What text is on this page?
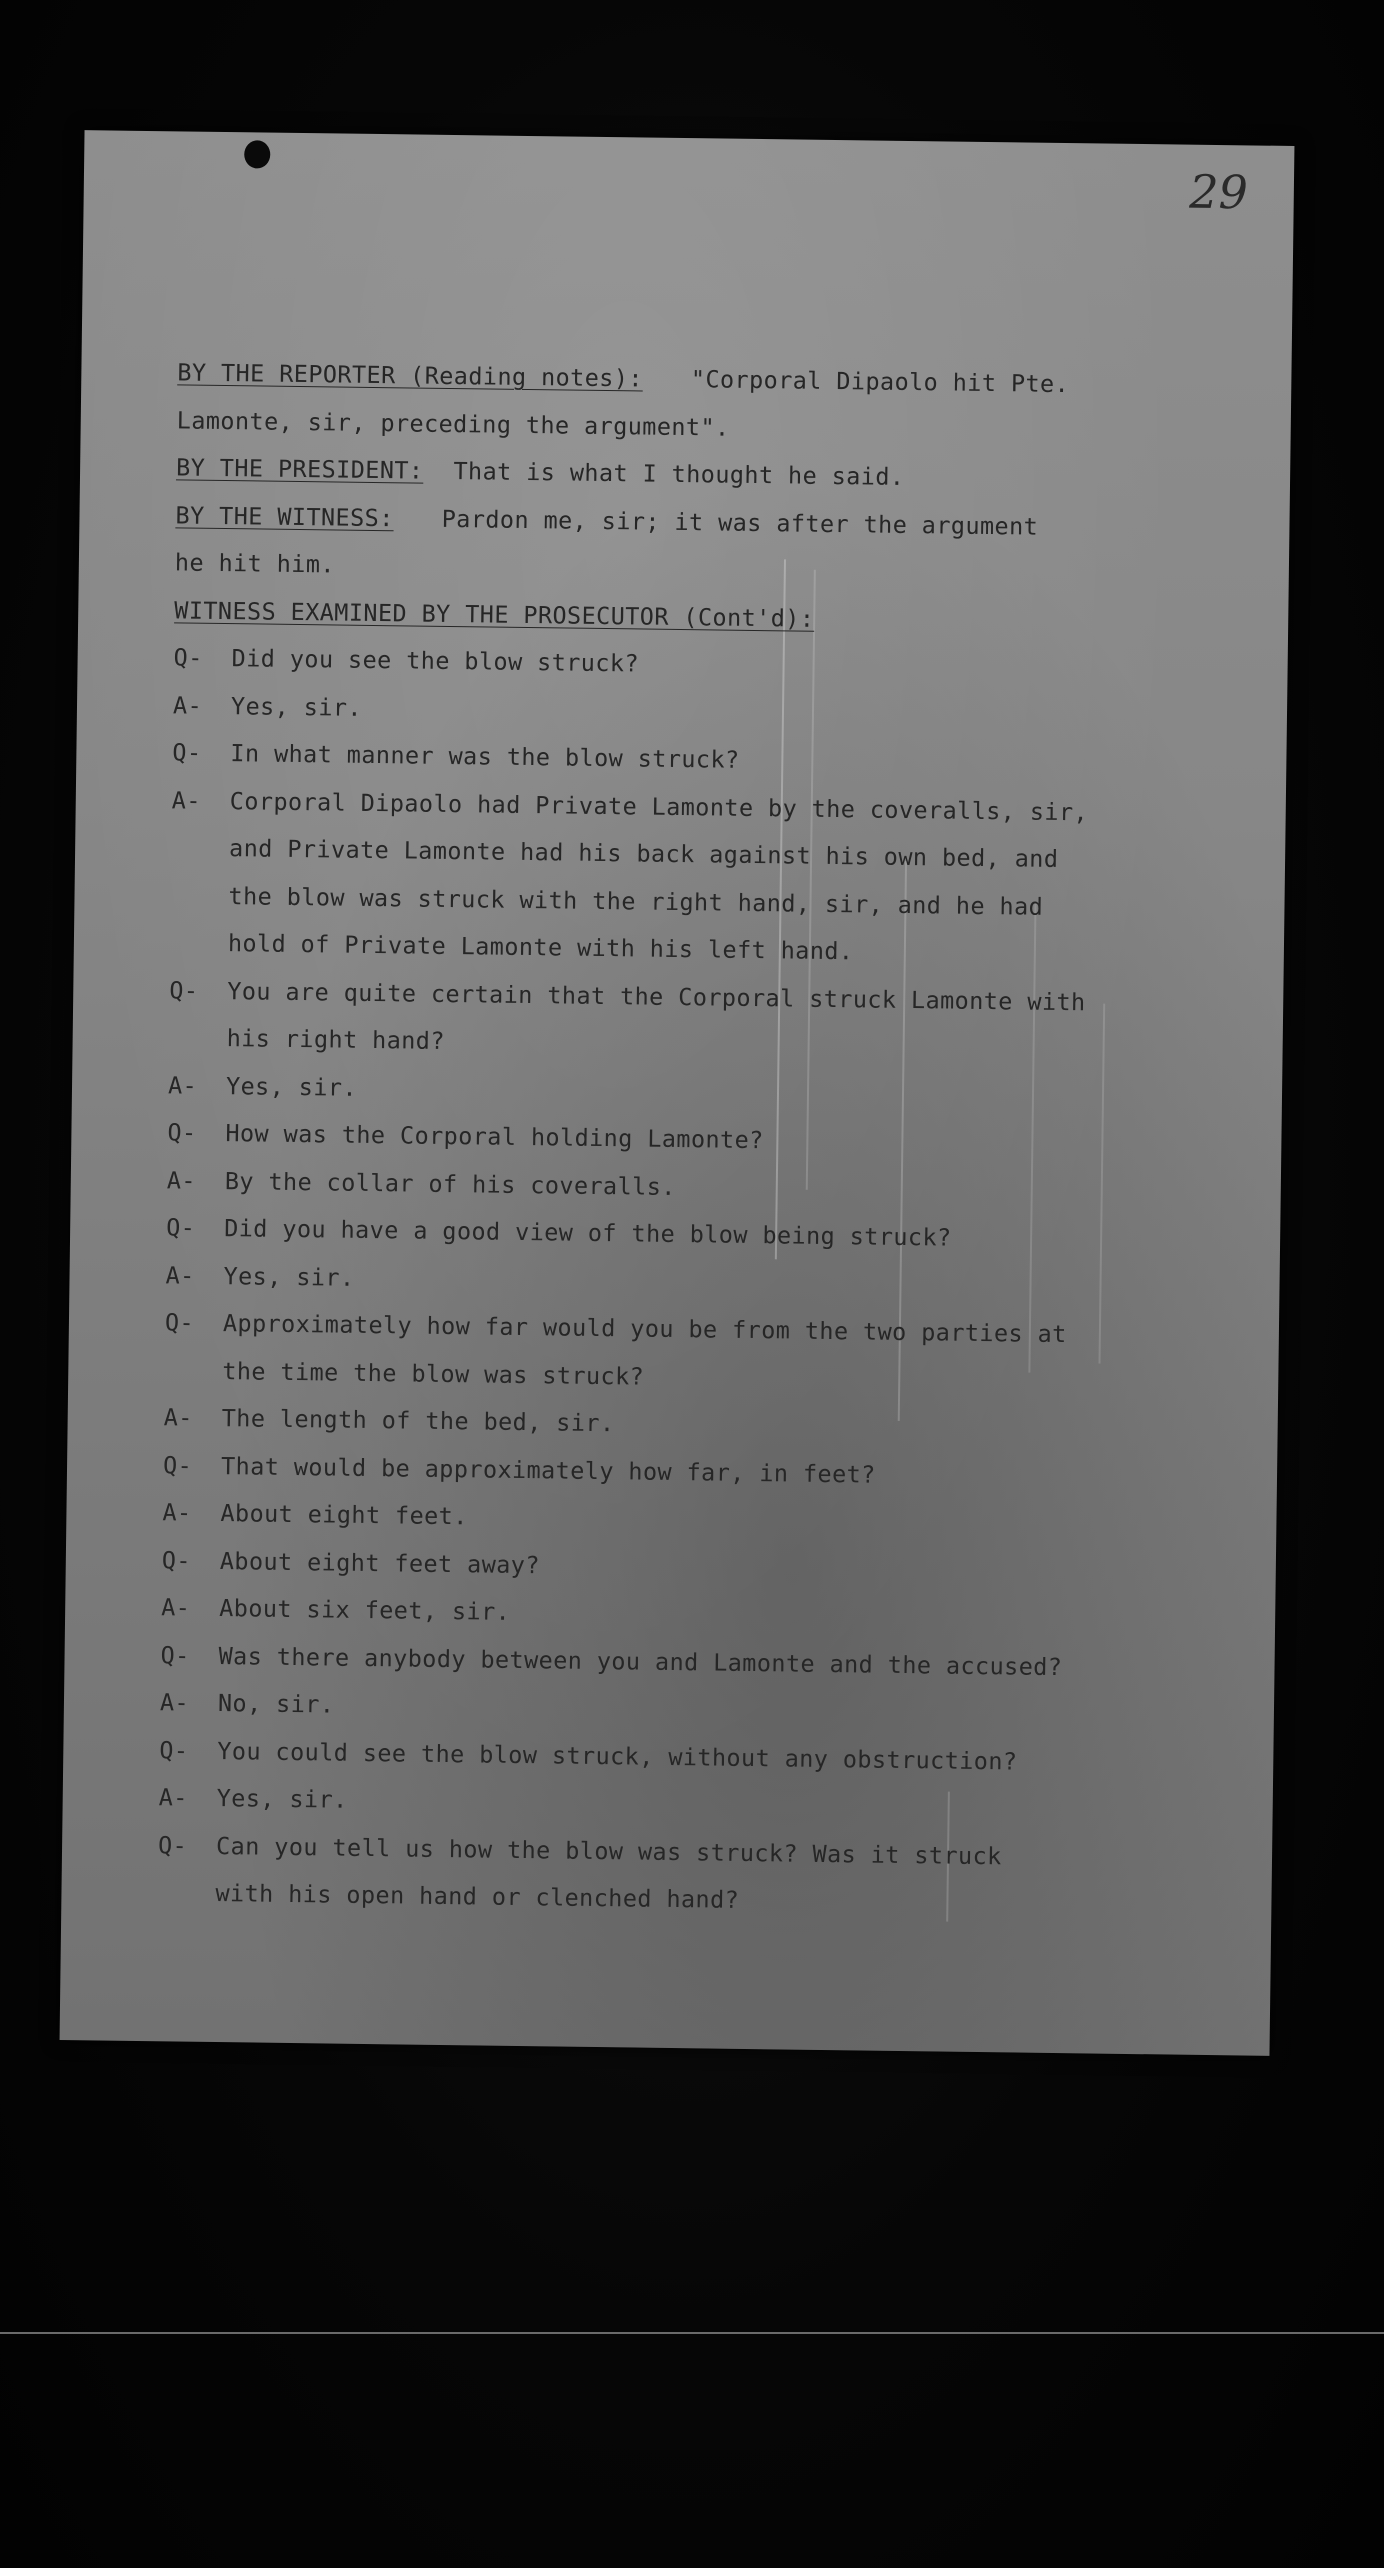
29
BY THE REPORTER (Reading notes): "Corporal Dipaolo hit Pte.
Lamonte, sir, preceding the argument".
BY THE PRESIDENT: That is what I thought he said.
BY THE WITNESS: Pardon me, sir; it was after the argument
he hit him.
WITNESS EXAMINED BY THE PROSECUTOR (Cont'd):
Q-	Did you see the blow struck?
A-	Yes, sir.
Q-	In what manner was the blow struck?
A-	Corporal Dipaolo had Private Lamonte by the coveralls, sir,
and Private Lamonte had his back against his own bed, and
the blow was struck with the right hand, sir, and he had
hold of Private Lamonte with his left hand.
Q-	You are quite certain that the Corporal struck Lamonte with
his right hand?
A-	Yes, sir.
Q-	How was the Corporal holding Lamonte?
A-	By the collar of his coveralls.
Q-	Did you have a good view of the blow being struck?
A-	Yes, sir.
Q-	Approximately how far would you be from the two parties at
the time the blow was struck?
A-	The length of the bed, sir.
Q-	That would be approximately how far, in feet?
A-	About eight feet.
Q-	About eight feet away?
A-	About six feet, sir.
Q-	Was there anybody between you and Lamonte and the accused?
A-	No, sir.
Q-	You could see the blow struck, without any obstruction?
A-	Yes, sir.
Q-	Can you tell us how the blow was struck? Was it struck
with his open hand or clenched hand?
